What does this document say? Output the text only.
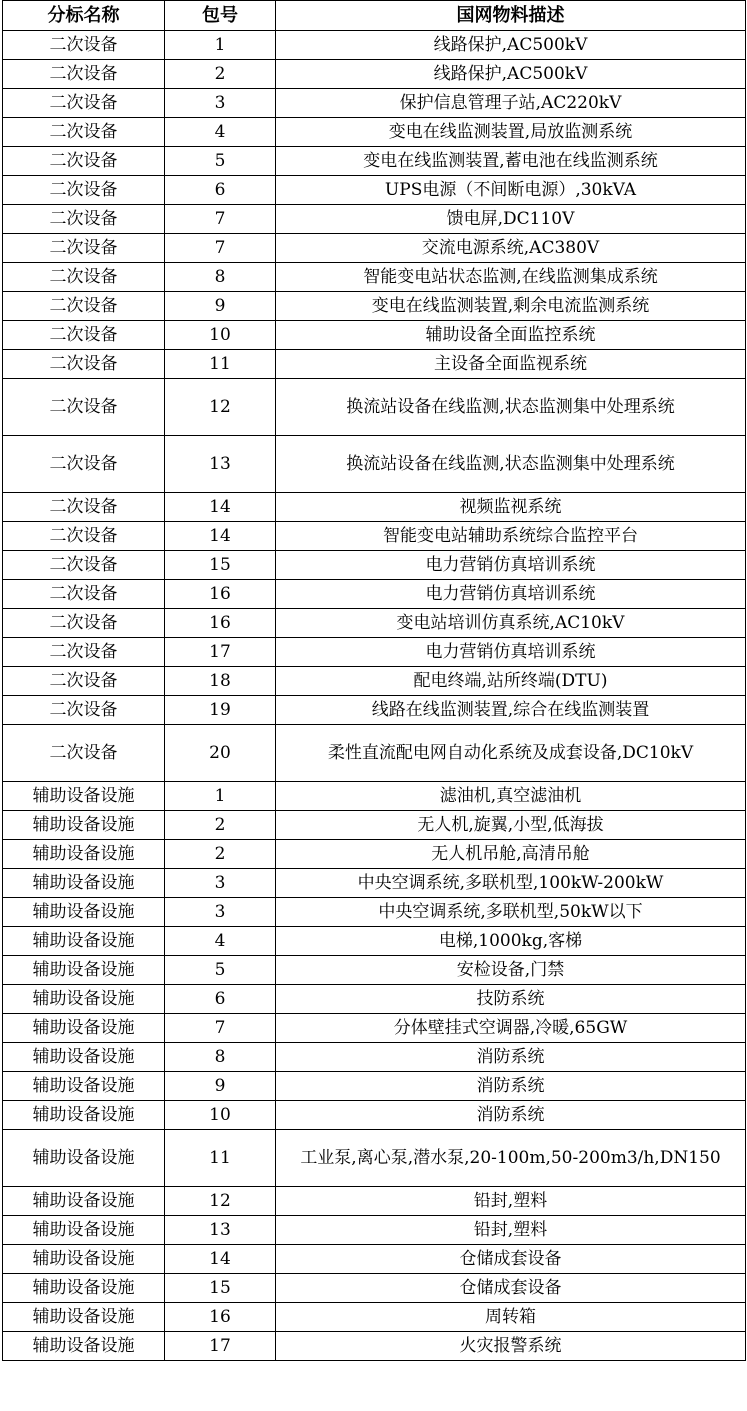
分标名称	包号	国网物料描述
二次设备	1	线路保护,AC500kV
二次设备	2	线路保护,AC500kV
二次设备	3	保护信息管理子站,AC220kV
二次设备	4	变电在线监测装置,局放监测系统
二次设备	5	变电在线监测装置,蓄电池在线监测系统
二次设备	6	UPS电源（不间断电源）,30kVA
二次设备	7	馈电屏,DC110V
二次设备	7	交流电源系统,AC380V
二次设备	8	智能变电站状态监测,在线监测集成系统
二次设备	9	变电在线监测装置,剩余电流监测系统
二次设备	10	辅助设备全面监控系统
二次设备	11	主设备全面监视系统
二次设备	12	换流站设备在线监测,状态监测集中处理系统
二次设备	13	换流站设备在线监测,状态监测集中处理系统
二次设备	14	视频监视系统
二次设备	14	智能变电站辅助系统综合监控平台
二次设备	15	电力营销仿真培训系统
二次设备	16	电力营销仿真培训系统
二次设备	16	变电站培训仿真系统,AC10kV
二次设备	17	电力营销仿真培训系统
二次设备	18	配电终端,站所终端(DTU)
二次设备	19	线路在线监测装置,综合在线监测装置
二次设备	20	柔性直流配电网自动化系统及成套设备,DC10kV
辅助设备设施	1	滤油机,真空滤油机
辅助设备设施	2	无人机,旋翼,小型,低海拔
辅助设备设施	2	无人机吊舱,高清吊舱
辅助设备设施	3	中央空调系统,多联机型,100kW-200kW
辅助设备设施	3	中央空调系统,多联机型,50kW以下
辅助设备设施	4	电梯,1000kg,客梯
辅助设备设施	5	安检设备,门禁
辅助设备设施	6	技防系统
辅助设备设施	7	分体壁挂式空调器,冷暖,65GW
辅助设备设施	8	消防系统
辅助设备设施	9	消防系统
辅助设备设施	10	消防系统
辅助设备设施	11	工业泵,离心泵,潜水泵,20-100m,50-200m3/h,DN150
辅助设备设施	12	铅封,塑料
辅助设备设施	13	铅封,塑料
辅助设备设施	14	仓储成套设备
辅助设备设施	15	仓储成套设备
辅助设备设施	16	周转箱
辅助设备设施	17	火灾报警系统
